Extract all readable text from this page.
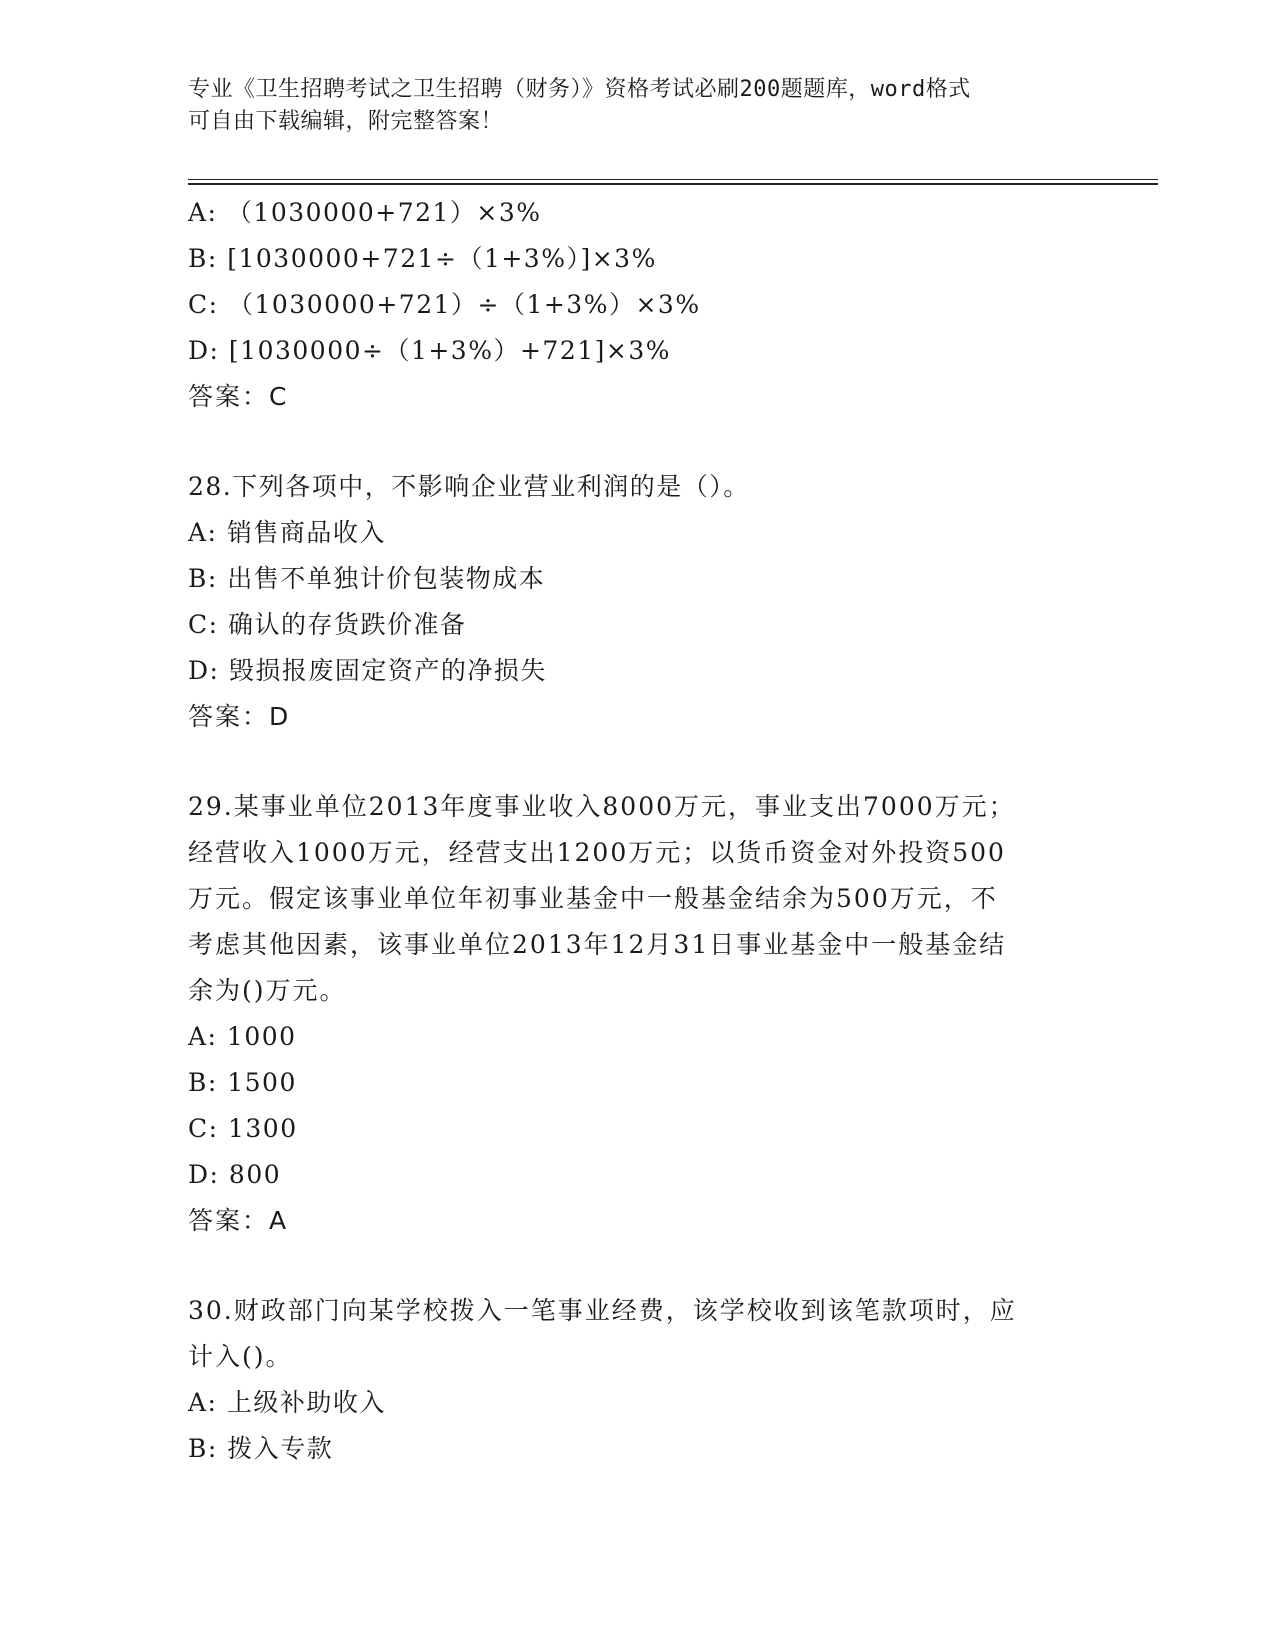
专业《卫生招聘考试之卫生招聘（财务）》资格考试必刷200题题库，word格式
可自由下载编辑，附完整答案！
A: （1030000+721）×3%
B: [1030000+721÷（1+3%）]×3%
C: （1030000+721）÷（1+3%）×3%
D: [1030000÷（1+3%）+721]×3%
答案：C
28.下列各项中，不影响企业营业利润的是（）。
A: 销售商品收入
B: 出售不单独计价包装物成本
C: 确认的存货跌价准备
D: 毁损报废固定资产的净损失
答案：D
29.某事业单位2013年度事业收入8000万元，事业支出7000万元；
经营收入1000万元，经营支出1200万元；以货币资金对外投资500
万元。假定该事业单位年初事业基金中一般基金结余为500万元，不
考虑其他因素，该事业单位2013年12月31日事业基金中一般基金结
余为()万元。
A: 1000
B: 1500
C: 1300
D: 800
答案：A
30.财政部门向某学校拨入一笔事业经费，该学校收到该笔款项时，应
计入()。
A: 上级补助收入
B: 拨入专款
